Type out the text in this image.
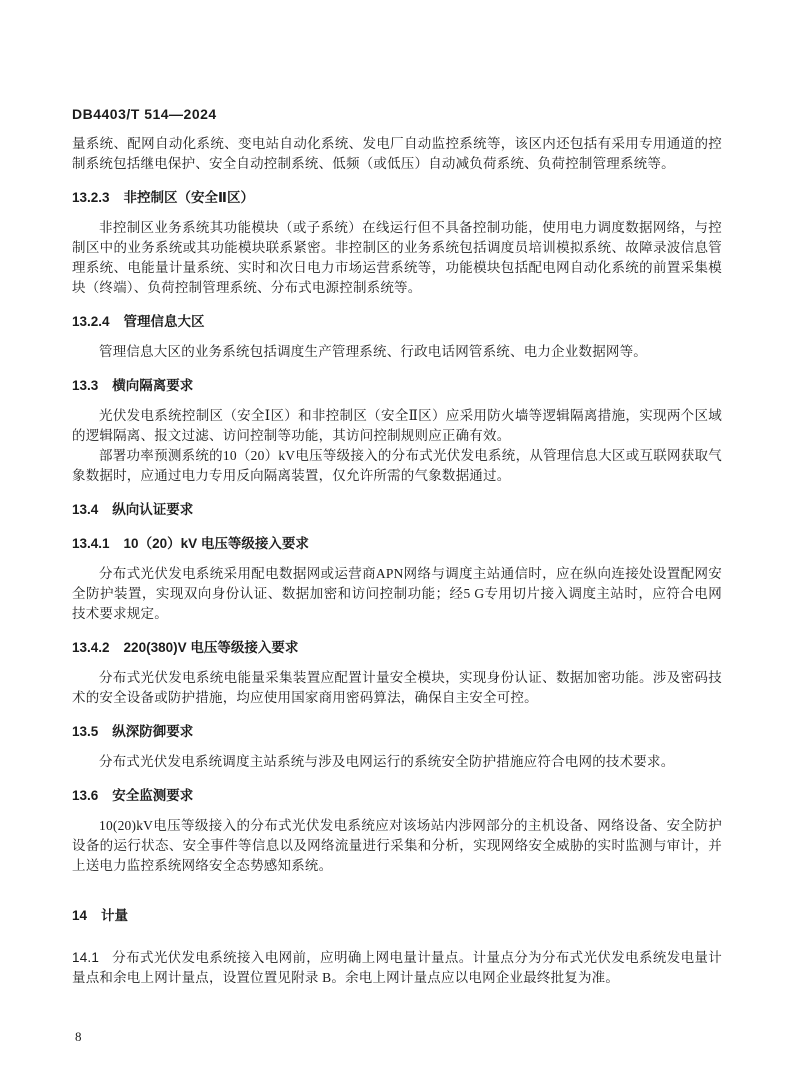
DB4403/T 514—2024

量系统、配网自动化系统、变电站自动化系统、发电厂自动监控系统等，该区内还包括有采用专用通道的控制系统包括继电保护、安全自动控制系统、低频（或低压）自动减负荷系统、负荷控制管理系统等。

13.2.3 非控制区（安全Ⅱ区）

非控制区业务系统其功能模块（或子系统）在线运行但不具备控制功能，使用电力调度数据网络，与控制区中的业务系统或其功能模块联系紧密。非控制区的业务系统包括调度员培训模拟系统、故障录波信息管理系统、电能量计量系统、实时和次日电力市场运营系统等，功能模块包括配电网自动化系统的前置采集模块（终端）、负荷控制管理系统、分布式电源控制系统等。

13.2.4 管理信息大区

管理信息大区的业务系统包括调度生产管理系统、行政电话网管系统、电力企业数据网等。

13.3 横向隔离要求

光伏发电系统控制区（安全Ⅰ区）和非控制区（安全Ⅱ区）应采用防火墙等逻辑隔离措施，实现两个区域的逻辑隔离、报文过滤、访问控制等功能，其访问控制规则应正确有效。

部署功率预测系统的10（20）kV电压等级接入的分布式光伏发电系统，从管理信息大区或互联网获取气象数据时，应通过电力专用反向隔离装置，仅允许所需的气象数据通过。

13.4 纵向认证要求
13.4.1 10（20）kV 电压等级接入要求

分布式光伏发电系统采用配电数据网或运营商APN网络与调度主站通信时，应在纵向连接处设置配网安全防护装置，实现双向身份认证、数据加密和访问控制功能；经5 G专用切片接入调度主站时，应符合电网技术要求规定。

13.4.2 220(380)V 电压等级接入要求

分布式光伏发电系统电能量采集装置应配置计量安全模块，实现身份认证、数据加密功能。涉及密码技术的安全设备或防护措施，均应使用国家商用密码算法，确保自主安全可控。

13.5 纵深防御要求

分布式光伏发电系统调度主站系统与涉及电网运行的系统安全防护措施应符合电网的技术要求。

13.6 安全监测要求

10(20)kV电压等级接入的分布式光伏发电系统应对该场站内涉网部分的主机设备、网络设备、安全防护设备的运行状态、安全事件等信息以及网络流量进行采集和分析，实现网络安全威胁的实时监测与审计，并上送电力监控系统网络安全态势感知系统。

14 计量

14.1 分布式光伏发电系统接入电网前，应明确上网电量计量点。计量点分为分布式光伏发电系统发电量计量点和余电上网计量点，设置位置见附录 B。余电上网计量点应以电网企业最终批复为准。

8
